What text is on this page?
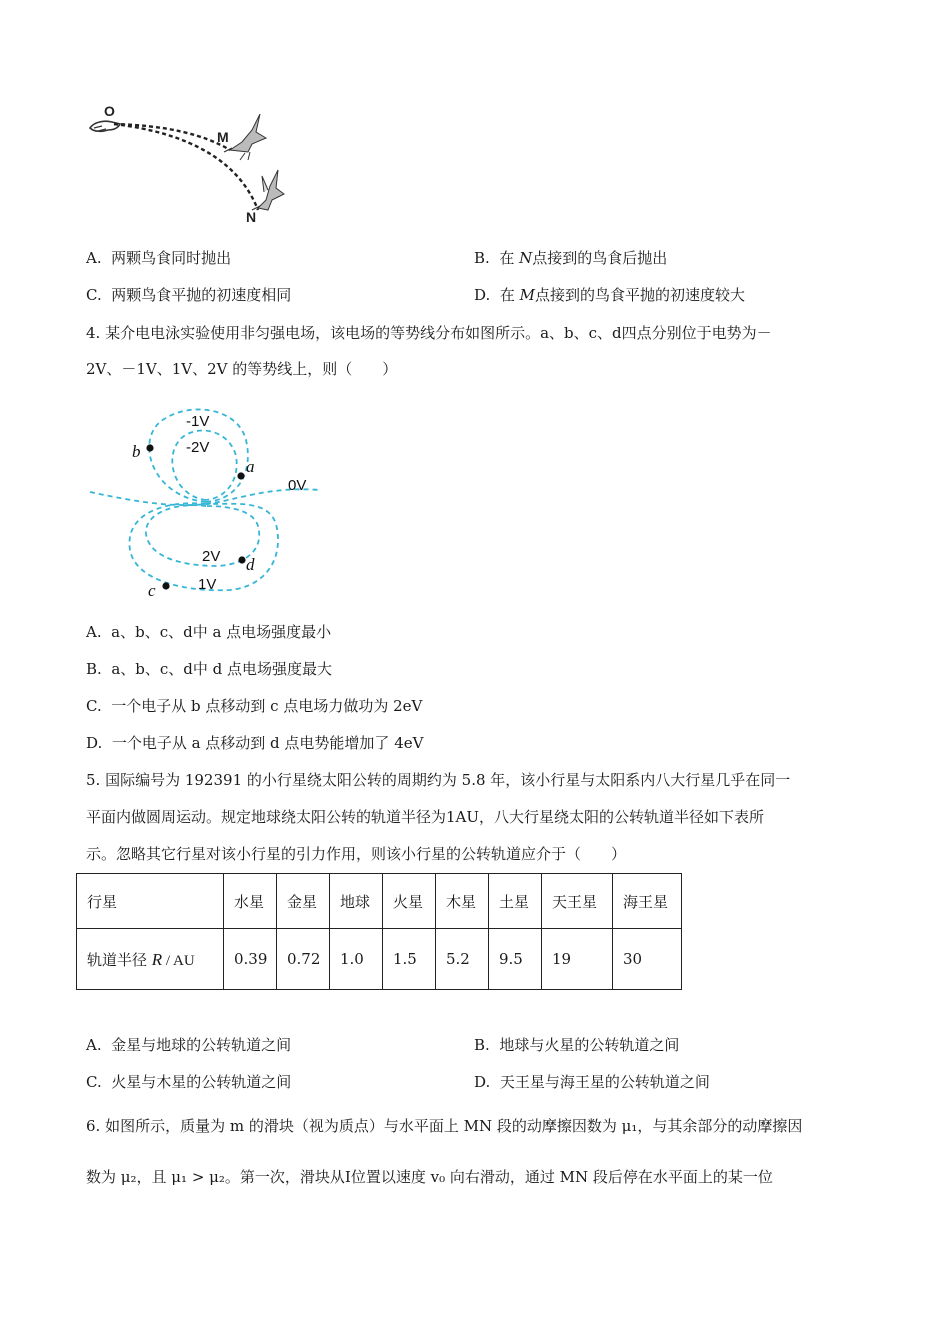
O
M
N
A. 两颗鸟食同时抛出	B. 在 N点接到的鸟食后抛出
C. 两颗鸟食平抛的初速度相同	D. 在 M点接到的鸟食平抛的初速度较大
4. 某介电电泳实验使用非匀强电场，该电场的等势线分布如图所示。a、b、c、d四点分别位于电势为－
2V、－1V、1V、2V 的等势线上，则（　　）
-1V
-2V
0V
2V
1V
b
a
d
c
A. a、b、c、d中 a 点电场强度最小
B. a、b、c、d中 d 点电场强度最大
C. 一个电子从 b 点移动到 c 点电场力做功为 2eV
D. 一个电子从 a 点移动到 d 点电势能增加了 4eV
5. 国际编号为 192391 的小行星绕太阳公转的周期约为 5.8 年，该小行星与太阳系内八大行星几乎在同一
平面内做圆周运动。规定地球绕太阳公转的轨道半径为1AU，八大行星绕太阳的公转轨道半径如下表所
示。忽略其它行星对该小行星的引力作用，则该小行星的公转轨道应介于（　　）
行星	水星	金星	地球	火星	木星	土星	天王星	海王星
轨道半径 R / AU	0.39	0.72	1.0	1.5	5.2	9.5	19	30
A. 金星与地球的公转轨道之间	B. 地球与火星的公转轨道之间
C. 火星与木星的公转轨道之间	D. 天王星与海王星的公转轨道之间
6. 如图所示，质量为 m 的滑块（视为质点）与水平面上 MN 段的动摩擦因数为 μ₁，与其余部分的动摩擦因
数为 μ₂，且 μ₁ > μ₂。第一次，滑块从Ⅰ位置以速度 v₀ 向右滑动，通过 MN 段后停在水平面上的某一位
